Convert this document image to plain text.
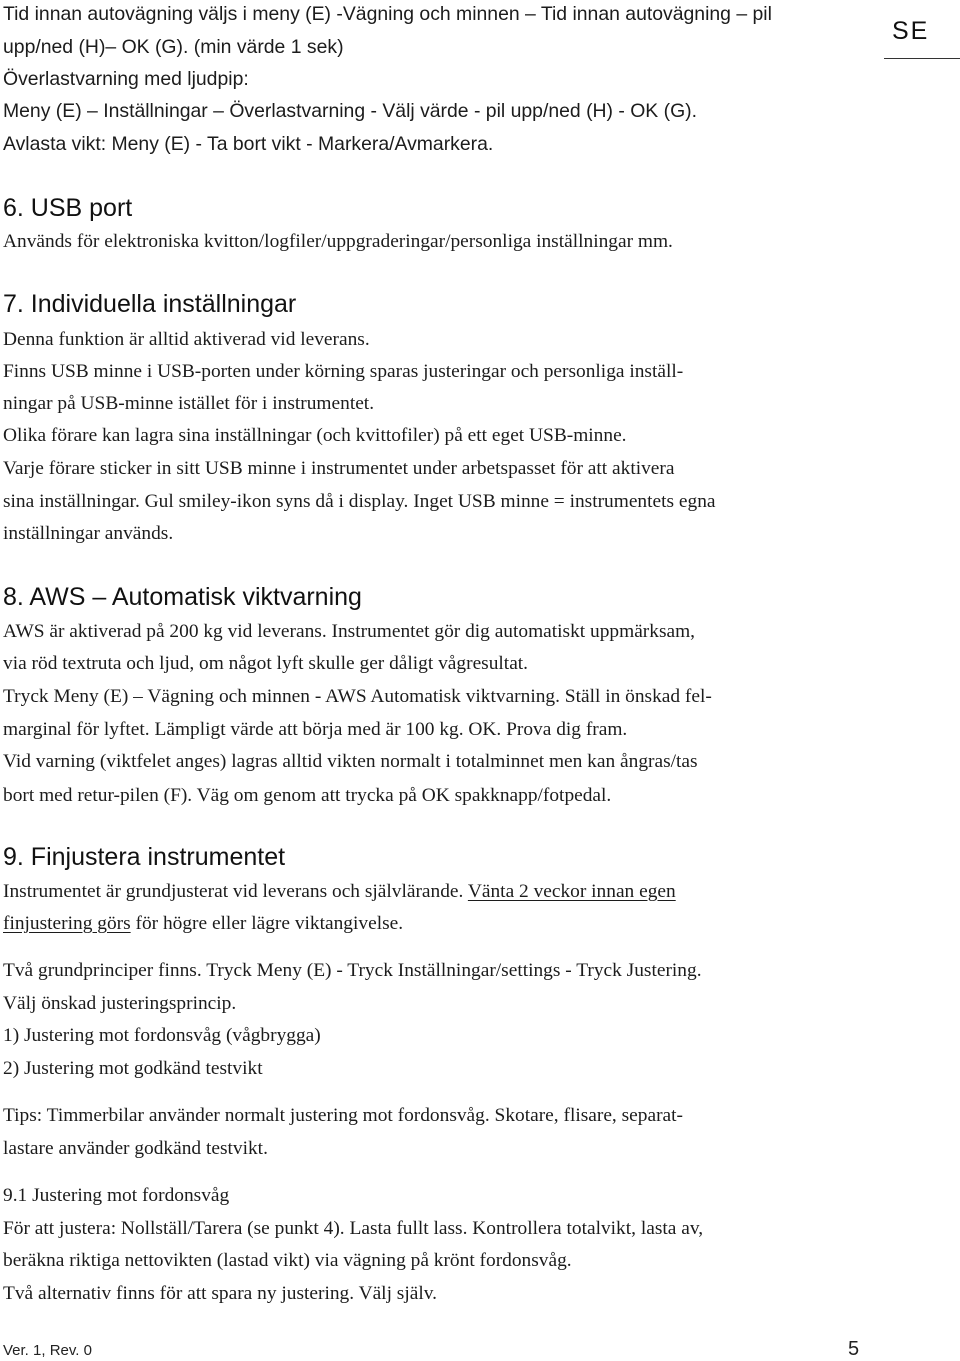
SE
Tid innan autovägning väljs i meny (E) -Vägning och minnen – Tid innan autovägning – pil
upp/ned (H)– OK (G). (min värde 1 sek)
Överlastvarning med ljudpip:
Meny (E) – Inställningar – Överlastvarning - Välj värde - pil upp/ned (H) - OK (G).
Avlasta vikt: Meny (E) - Ta bort vikt - Markera/Avmarkera.
6. USB port
Används för elektroniska kvitton/logfiler/uppgraderingar/personliga inställningar mm.
7. Individuella inställningar
Denna funktion är alltid aktiverad vid leverans.
Finns USB minne i USB-porten under körning sparas justeringar och personliga inställ-
ningar på USB-minne istället för i instrumentet.
Olika förare kan lagra sina inställningar (och kvittofiler) på ett eget USB-minne.
Varje förare sticker in sitt USB minne i instrumentet under arbetspasset för att aktivera
sina inställningar. Gul smiley-ikon syns då i display. Inget USB minne = instrumentets egna
inställningar används.
8. AWS – Automatisk viktvarning
AWS är aktiverad på 200 kg vid leverans. Instrumentet gör dig automatiskt uppmärksam,
via röd textruta och ljud, om något lyft skulle ger dåligt vågresultat.
Tryck Meny (E) – Vägning och minnen - AWS Automatisk viktvarning. Ställ in önskad fel-
marginal för lyftet. Lämpligt värde att börja med är 100 kg. OK. Prova dig fram.
Vid varning (viktfelet anges) lagras alltid vikten normalt i totalminnet men kan ångras/tas
bort med retur-pilen (F). Väg om genom att trycka på OK spakknapp/fotpedal.
9. Finjustera instrumentet
Instrumentet är grundjusterat vid leverans och självlärande. Vänta 2 veckor innan egen
finjustering görs för högre eller lägre viktangivelse.
Två grundprinciper finns. Tryck Meny (E) - Tryck Inställningar/settings - Tryck Justering.
Välj önskad justeringsprincip.
1) Justering mot fordonsvåg (vågbrygga)
2) Justering mot godkänd testvikt
Tips: Timmerbilar använder normalt justering mot fordonsvåg. Skotare, flisare, separat-
lastare använder godkänd testvikt.
9.1 Justering mot fordonsvåg
För att justera: Nollställ/Tarera (se punkt 4). Lasta fullt lass. Kontrollera totalvikt, lasta av,
beräkna riktiga nettovikten (lastad vikt) via vägning på krönt fordonsvåg.
Två alternativ finns för att spara ny justering. Välj själv.
Ver. 1, Rev. 0	5
